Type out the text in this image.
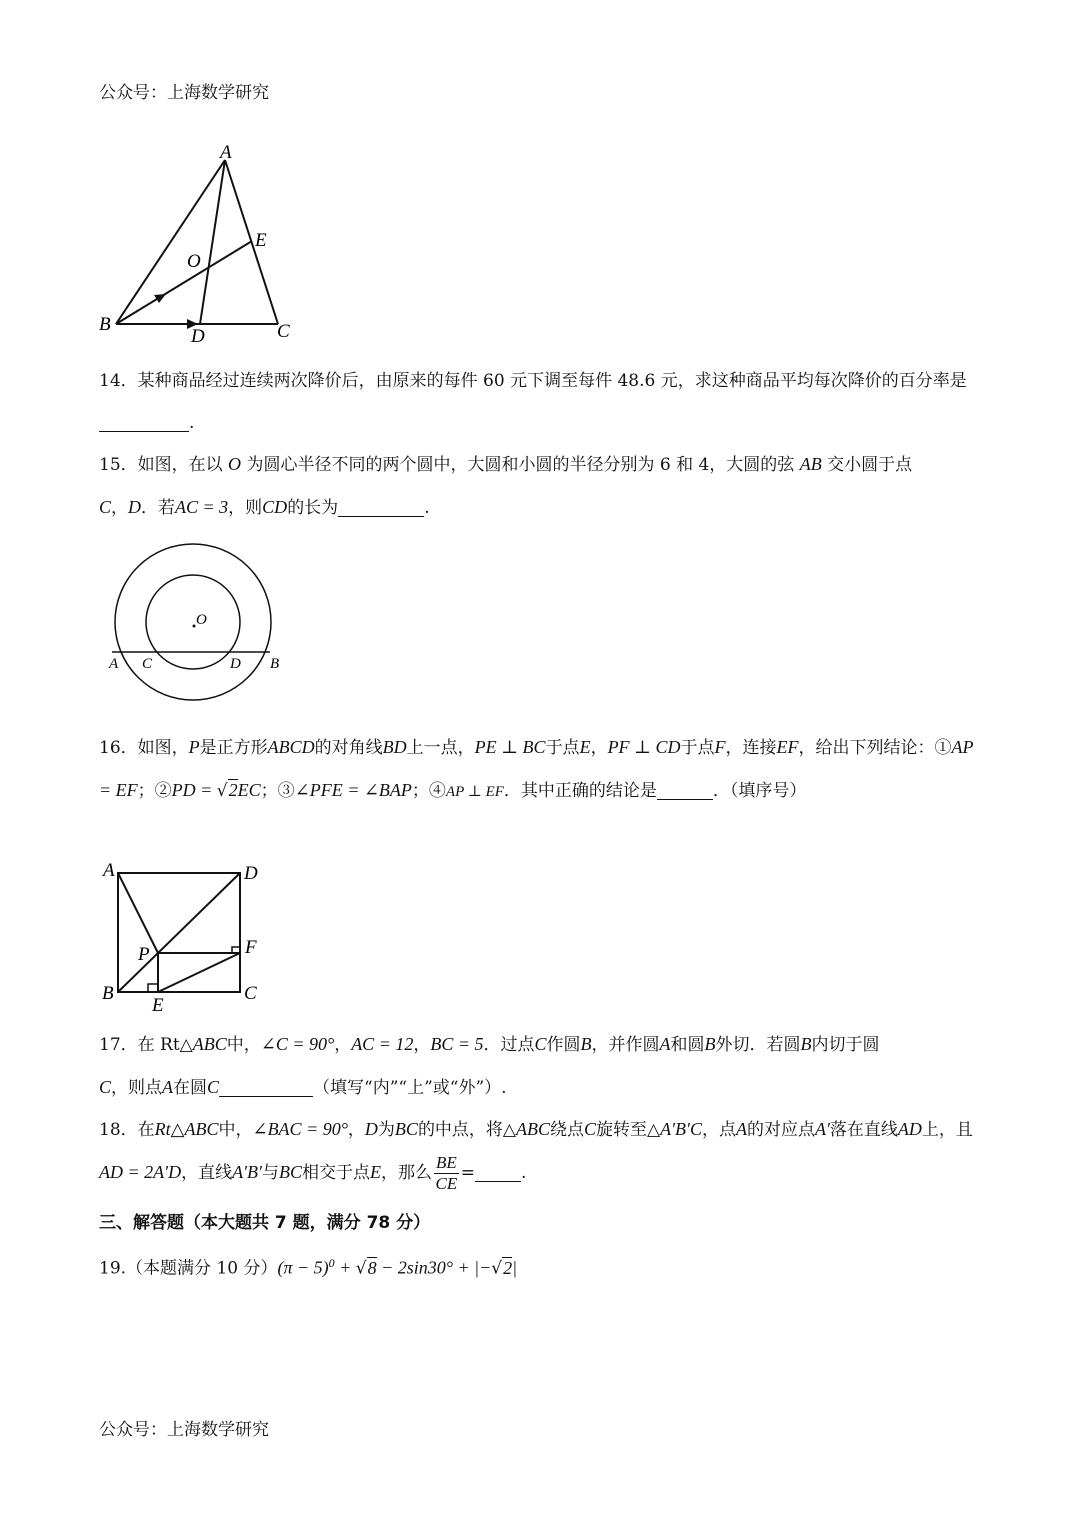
公众号：上海数学研究
A
E
O
B
D	C
14．某种商品经过连续两次降价后，由原来的每件 60 元下调至每件 48.6 元，求这种商品平均每次降价的百分率是.
15．如图，在以 O 为圆心半径不同的两个圆中，大圆和小圆的半径分别为 6 和 4，大圆的弦 AB 交小圆于点
C，D．若AC = 3，则CD的长为	.
O
A C	D B
16．如图，P是正方形ABCD的对角线BD上一点，PE ⊥ BC于点E，PF ⊥ CD于点F，连接EF，给出下列结论：①AP = EF；②PD = √2EC；③∠PFE = ∠BAP；④AP ⊥ EF．其中正确的结论是	．（填序号）
A	D
P	F
B
E
C
17．在 Rt△ABC中，∠C = 90°，AC = 12，BC = 5．过点C作圆B，并作圆A和圆B外切．若圆B内切于圆
C，则点A在圆C	（填写“内”“上”或“外”）.
18．在Rt△ABC中，∠BAC = 90°，D为BC的中点，将△ABC绕点C旋转至△A′B′C，点A的对应点A′落在直线AD上，且AD = 2A′D，直线A′B′与BC相交于点E，那么 $\frac{BE}{CE}$ =	.
三、解答题（本大题共 7 题，满分 78 分）
19.（本题满分 10 分）$(\pi - 5)^0 + √8 - 2\sin 30^\circ + |-√2|$
公众号：上海数学研究
